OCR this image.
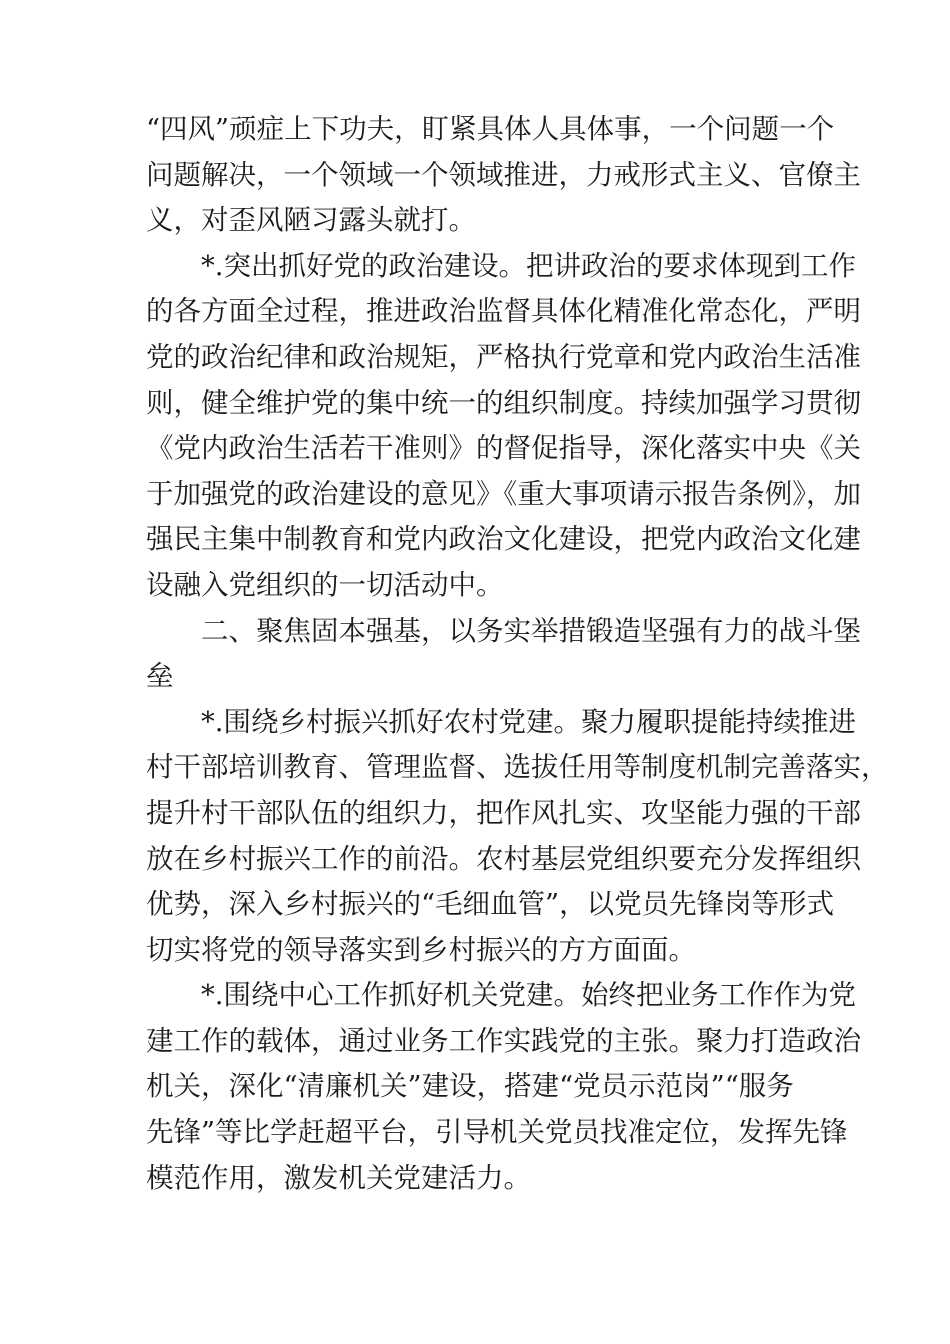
“四风”顽症上下功夫，盯紧具体人具体事，一个问题一个
问题解决，一个领域一个领域推进，力戒形式主义、官僚主
义，对歪风陋习露头就打。
*.突出抓好党的政治建设。把讲政治的要求体现到工作
的各方面全过程，推进政治监督具体化精准化常态化，严明
党的政治纪律和政治规矩，严格执行党章和党内政治生活准
则，健全维护党的集中统一的组织制度。持续加强学习贯彻
《党内政治生活若干准则》的督促指导，深化落实中央《关
于加强党的政治建设的意见》《重大事项请示报告条例》，加
强民主集中制教育和党内政治文化建设，把党内政治文化建
设融入党组织的一切活动中。
二、聚焦固本强基，以务实举措锻造坚强有力的战斗堡
垒
*.围绕乡村振兴抓好农村党建。聚力履职提能持续推进
村干部培训教育、管理监督、选拔任用等制度机制完善落实，
提升村干部队伍的组织力，把作风扎实、攻坚能力强的干部
放在乡村振兴工作的前沿。农村基层党组织要充分发挥组织
优势，深入乡村振兴的“毛细血管”，以党员先锋岗等形式
切实将党的领导落实到乡村振兴的方方面面。
*.围绕中心工作抓好机关党建。始终把业务工作作为党
建工作的载体，通过业务工作实践党的主张。聚力打造政治
机关，深化“清廉机关”建设，搭建“党员示范岗”“服务
先锋”等比学赶超平台，引导机关党员找准定位，发挥先锋
模范作用，激发机关党建活力。
